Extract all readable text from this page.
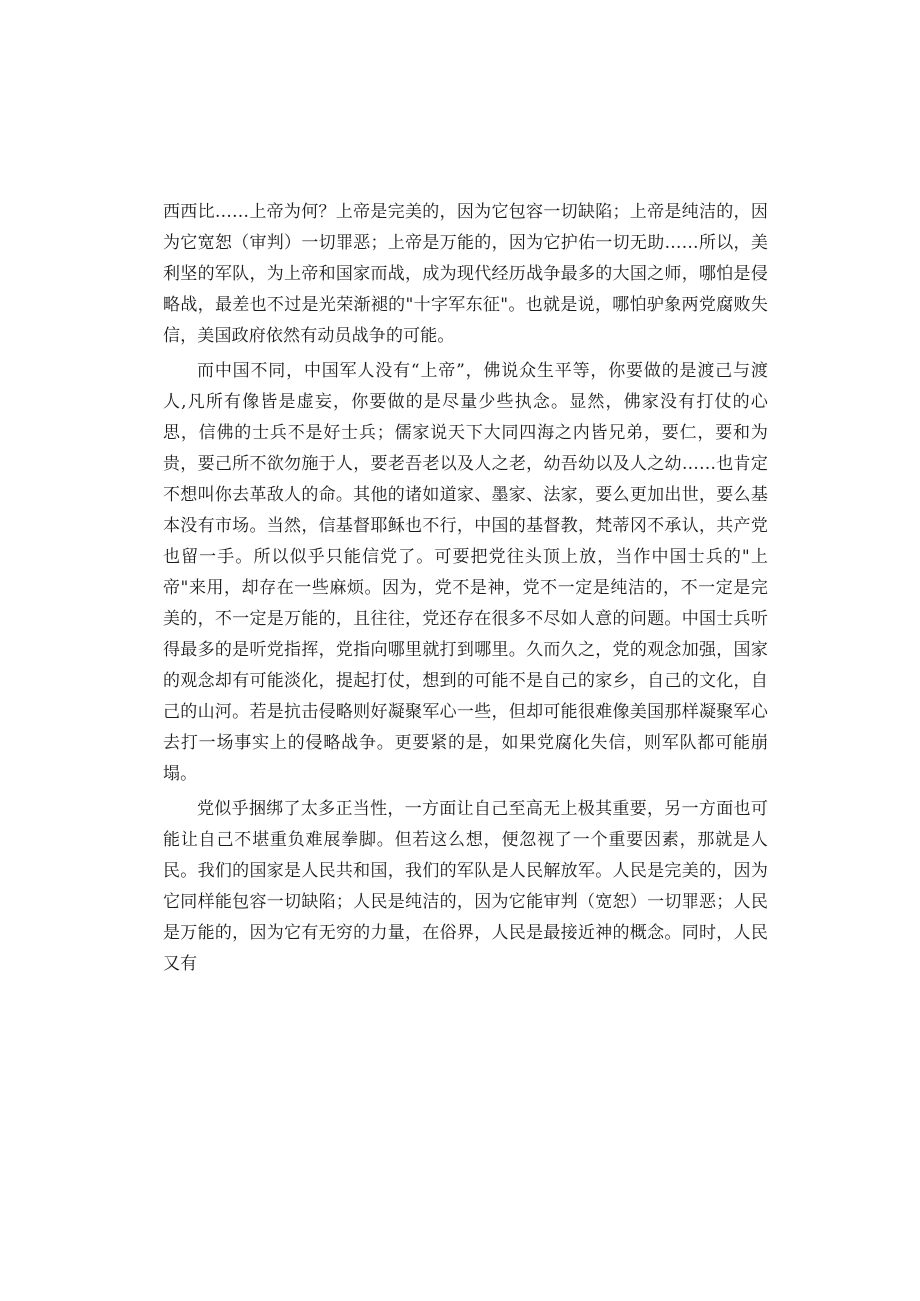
西西比……上帝为何？上帝是完美的，因为它包容一切缺陷；上帝是纯洁的，因为它宽恕（审判）一切罪恶；上帝是万能的，因为它护佑一切无助……所以，美利坚的军队，为上帝和国家而战，成为现代经历战争最多的大国之师，哪怕是侵略战，最差也不过是光荣渐褪的"十字军东征"。也就是说，哪怕驴象两党腐败失信，美国政府依然有动员战争的可能。

而中国不同，中国军人没有“上帝”，佛说众生平等，你要做的是渡己与渡人,凡所有像皆是虚妄，你要做的是尽量少些执念。显然，佛家没有打仗的心思，信佛的士兵不是好士兵；儒家说天下大同四海之内皆兄弟，要仁，要和为贵，要己所不欲勿施于人，要老吾老以及人之老，幼吾幼以及人之幼……也肯定不想叫你去革敌人的命。其他的诸如道家、墨家、法家，要么更加出世，要么基本没有市场。当然，信基督耶稣也不行，中国的基督教，梵蒂冈不承认，共产党也留一手。所以似乎只能信党了。可要把党往头顶上放，当作中国士兵的"上帝"来用，却存在一些麻烦。因为，党不是神，党不一定是纯洁的，不一定是完美的，不一定是万能的，且往往，党还存在很多不尽如人意的问题。中国士兵听得最多的是听党指挥，党指向哪里就打到哪里。久而久之，党的观念加强，国家的观念却有可能淡化，提起打仗，想到的可能不是自己的家乡，自己的文化，自己的山河。若是抗击侵略则好凝聚军心一些，但却可能很难像美国那样凝聚军心去打一场事实上的侵略战争。更要紧的是，如果党腐化失信，则军队都可能崩塌。

党似乎捆绑了太多正当性，一方面让自己至高无上极其重要，另一方面也可能让自己不堪重负难展拳脚。但若这么想，便忽视了一个重要因素，那就是人民。我们的国家是人民共和国，我们的军队是人民解放军。人民是完美的，因为它同样能包容一切缺陷；人民是纯洁的，因为它能审判（宽恕）一切罪恶；人民是万能的，因为它有无穷的力量，在俗界，人民是最接近神的概念。同时，人民又有
